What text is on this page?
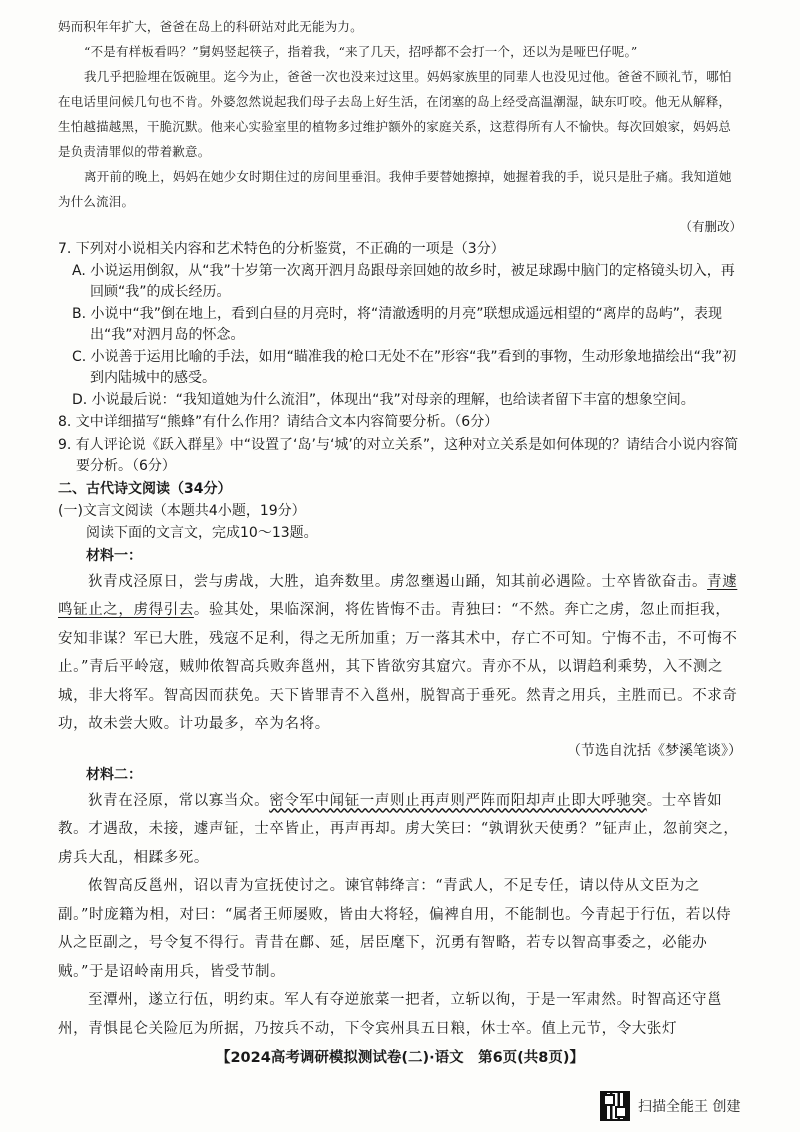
妈而积年年扩大，爸爸在岛上的科研站对此无能为力。

“不是有样板看吗？”舅妈竖起筷子，指着我，“来了几天，招呼都不会打一个，还以为是哑巴仔呢。”

我几乎把脸埋在饭碗里。迄今为止，爸爸一次也没来过这里。妈妈家族里的同辈人也没见过他。爸爸不顾礼节，哪怕在电话里问候几句也不肯。外婆忽然说起我们母子去岛上好生活，在闭塞的岛上经受高温潮湿，缺东叮咬。他无从解释，生怕越描越黑，干脆沉默。他来心实验室里的植物多过维护额外的家庭关系，这惹得所有人不愉快。每次回娘家，妈妈总是负责清罪似的带着歉意。

离开前的晚上，妈妈在她少女时期住过的房间里垂泪。我伸手要替她擦掉，她握着我的手，说只是肚子痛。我知道她为什么流泪。

（有删改）

7. 下列对小说相关内容和艺术特色的分析鉴赏，不正确的一项是（3分）

A. 小说运用倒叙，从“我”十岁第一次离开泗月岛跟母亲回她的故乡时，被足球踢中脑门的定格镜头切入，再回顾“我”的成长经历。

B. 小说中“我”倒在地上，看到白昼的月亮时，将“清澈透明的月亮”联想成遥远相望的“离岸的岛屿”，表现出“我”对泗月岛的怀念。

C. 小说善于运用比喻的手法，如用“瞄准我的枪口无处不在”形容“我”看到的事物，生动形象地描绘出“我”初到内陆城中的感受。

D. 小说最后说：“我知道她为什么流泪”，体现出“我”对母亲的理解，也给读者留下丰富的想象空间。

8. 文中详细描写“熊蜂”有什么作用？请结合文本内容简要分析。（6分）

9. 有人评论说《跃入群星》中“设置了‘岛’与‘城’的对立关系”，这种对立关系是如何体现的？请结合小说内容简要分析。（6分）

二、古代诗文阅读（34分）

(一)文言文阅读（本题共4小题，19分）

阅读下面的文言文，完成10～13题。

材料一：

狄青戍泾原日，尝与虏战，大胜，追奔数里。虏忽壅遏山踊，知其前必遇险。士卒皆欲奋击。青遽鸣钲止之，虏得引去。验其处，果临深涧，将佐皆悔不击。青独曰：“不然。奔亡之虏，忽止而拒我，安知非谋？军已大胜，残寇不足利，得之无所加重；万一落其术中，存亡不可知。宁悔不击，不可悔不止。”青后平岭寇，贼帅侬智高兵败奔邕州，其下皆欲穷其窟穴。青亦不从，以谓趋利乘势，入不测之城，非大将军。智高因而获免。天下皆罪青不入邕州，脱智高于垂死。然青之用兵，主胜而已。不求奇功，故未尝大败。计功最多，卒为名将。

（节选自沈括《梦溪笔谈》）

材料二：

狄青在泾原，常以寡当众。密令军中闻钲一声则止再声则严阵而阳却声止即大呼驰突。士卒皆如教。才遇敌，未接，遽声钲，士卒皆止，再声再却。虏大笑曰：“孰谓狄天使勇？”钲声止，忽前突之，虏兵大乱，相蹂多死。

侬智高反邕州，诏以青为宣抚使讨之。谏官韩绛言：“青武人，不足专任，请以侍从文臣为之副。”时庞籍为相，对曰：“属者王师屡败，皆由大将轻，偏裨自用，不能制也。今青起于行伍，若以侍从之臣副之，号令复不得行。青昔在鄜、延，居臣麾下，沉勇有智略，若专以智高事委之，必能办贼。”于是诏岭南用兵，皆受节制。

至潭州，遂立行伍，明约束。军人有夺逆旅菜一把者，立斩以徇，于是一军肃然。时智高还守邕州，青惧昆仑关险厄为所据，乃按兵不动，下令宾州具五日粮，休士卒。值上元节，令大张灯

【2024高考调研模拟测试卷(二)·语文　第6页(共8页)】
扫描全能王 创建
